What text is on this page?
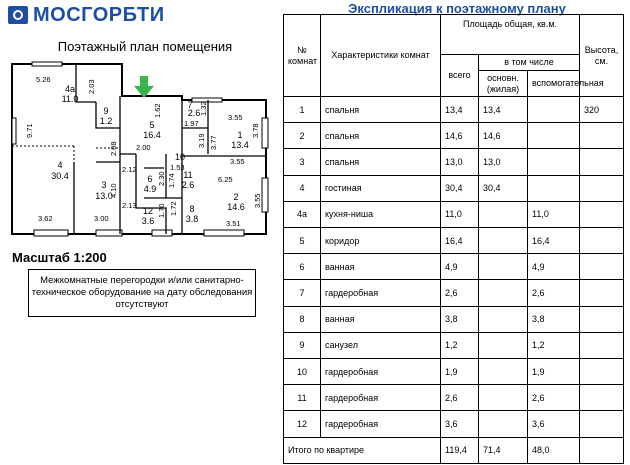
МОСГОРБТИ
Поэтажный план помещения
5.26	2.03
9.71
3.62	3.00
4.10
2.12
2.30
2.13	1.70
2.08 2.00
1.62
1.97
1.32
3.19 3.77
3.55
3.78
3.55
6.25
3.55
1.74
1.53
1.72
3.51
4а
11.0
9
1.2	5
16.4
7
2.6
1
13.4
4
30.4
3
13.0
6
4.9
10
11
2.6
12
3.6
8
3.8
2
14.6
Масштаб 1:200
Межкомнатные перегородки и/или санитарно-техническое оборудование на дату обследования отсутствуют
Экспликация к поэтажному плану
№ комнат	Характеристики комнат	Площадь общая, кв.м.			Высота, см.
		всего	в том числе		
			основн. (жилая)	вспомогательная	
1	спальня	13,4	13,4		320
2	спальня	14,6	14,6		
3	спальня	13,0	13,0		
4	гостиная	30,4	30,4		
4а	кухня-ниша	11,0		11,0	
5	коридор	16,4		16,4	
6	ванная	4,9		4,9	
7	гардеробная	2,6		2,6	
8	ванная	3,8		3,8	
9	санузел	1,2		1,2	
10	гардеробная	1,9		1,9	
11	гардеробная	2,6		2,6	
12	гардеробная	3,6		3,6	
Итого по квартире		119,4	71,4	48,0	
